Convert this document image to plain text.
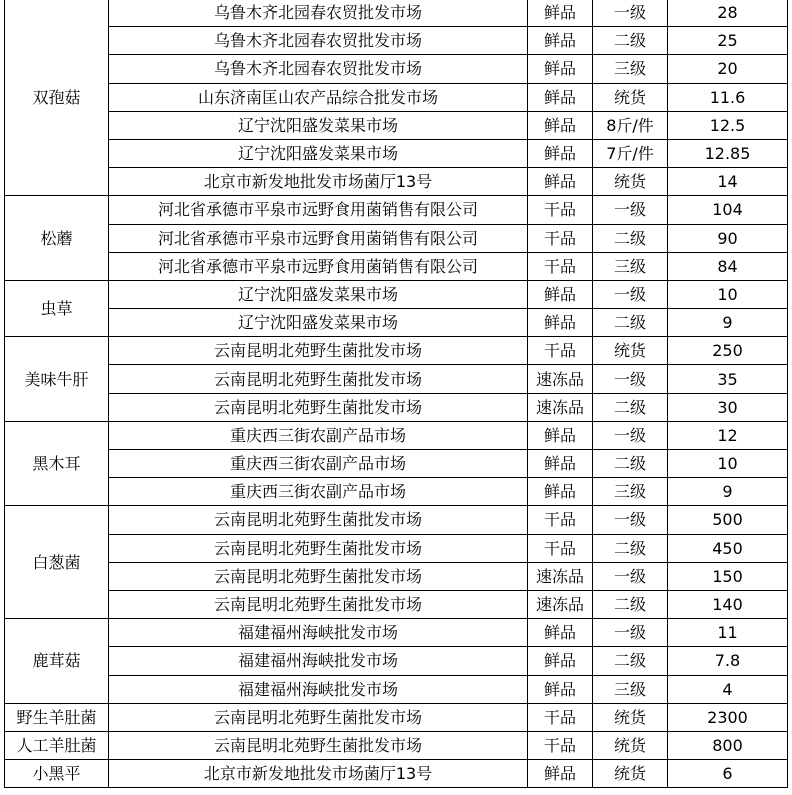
双孢菇	乌鲁木齐北园春农贸批发市场	鲜品	一级	28
	乌鲁木齐北园春农贸批发市场	鲜品	二级	25
	乌鲁木齐北园春农贸批发市场	鲜品	三级	20
	山东济南匡山农产品综合批发市场	鲜品	统货	11.6
	辽宁沈阳盛发菜果市场	鲜品	8斤/件	12.5
	辽宁沈阳盛发菜果市场	鲜品	7斤/件	12.85
	北京市新发地批发市场菌厅13号	鲜品	统货	14
松蘑	河北省承德市平泉市远野食用菌销售有限公司	干品	一级	104
	河北省承德市平泉市远野食用菌销售有限公司	干品	二级	90
	河北省承德市平泉市远野食用菌销售有限公司	干品	三级	84
虫草	辽宁沈阳盛发菜果市场	鲜品	一级	10
	辽宁沈阳盛发菜果市场	鲜品	二级	9
美味牛肝	云南昆明北苑野生菌批发市场	干品	统货	250
	云南昆明北苑野生菌批发市场	速冻品	一级	35
	云南昆明北苑野生菌批发市场	速冻品	二级	30
黑木耳	重庆西三街农副产品市场	鲜品	一级	12
	重庆西三街农副产品市场	鲜品	二级	10
	重庆西三街农副产品市场	鲜品	三级	9
白葱菌	云南昆明北苑野生菌批发市场	干品	一级	500
	云南昆明北苑野生菌批发市场	干品	二级	450
	云南昆明北苑野生菌批发市场	速冻品	一级	150
	云南昆明北苑野生菌批发市场	速冻品	二级	140
鹿茸菇	福建福州海峡批发市场	鲜品	一级	11
	福建福州海峡批发市场	鲜品	二级	7.8
	福建福州海峡批发市场	鲜品	三级	4
野生羊肚菌	云南昆明北苑野生菌批发市场	干品	统货	2300
人工羊肚菌	云南昆明北苑野生菌批发市场	干品	统货	800
小黑平	北京市新发地批发市场菌厅13号	鲜品	统货	6
